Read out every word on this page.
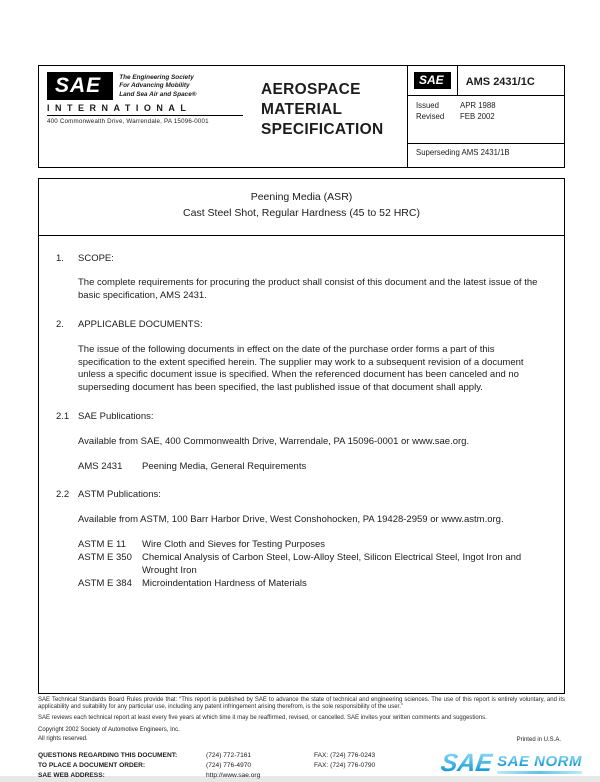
SAE	The Engineering Society
For Advancing Mobility
Land Sea Air and Space®
INTERNATIONAL
400 Commonwealth Drive, Warrendale, PA 15096-0001
AEROSPACE
MATERIAL
SPECIFICATION
SAE	AMS 2431/1C
Issued	APR 1988
Revised	FEB 2002
Superseding AMS 2431/1B
Peening Media (ASR)
Cast Steel Shot, Regular Hardness (45 to 52 HRC)
1.	SCOPE:

The complete requirements for procuring the product shall consist of this document and the latest issue of the basic specification, AMS 2431.

2.	APPLICABLE DOCUMENTS:

The issue of the following documents in effect on the date of the purchase order forms a part of this specification to the extent specified herein. The supplier may work to a subsequent revision of a document unless a specific document issue is specified. When the referenced document has been canceled and no superseding document has been specified, the last published issue of that document shall apply.

2.1 SAE Publications:

Available from SAE, 400 Commonwealth Drive, Warrendale, PA 15096-0001 or www.sae.org.

AMS 2431	Peening Media, General Requirements
2.2 ASTM Publications:

Available from ASTM, 100 Barr Harbor Drive, West Conshohocken, PA 19428-2959 or www.astm.org.

ASTM E 11	Wire Cloth and Sieves for Testing Purposes
ASTM E 350	Chemical Analysis of Carbon Steel, Low-Alloy Steel, Silicon Electrical Steel, Ingot Iron and Wrought Iron
ASTM E 384	Microindentation Hardness of Materials

SAE Technical Standards Board Rules provide that: “This report is published by SAE to advance the state of technical and engineering sciences. The use of this report is entirely voluntary, and its applicability and suitability for any particular use, including any patent infringement arising therefrom, is the sole responsibility of the user.”

SAE reviews each technical report at least every five years at which time it may be reaffirmed, revised, or cancelled. SAE invites your written comments and suggestions.

Copyright 2002 Society of Automotive Engineers, Inc.
All rights reserved.	Printed in U.S.A.
QUESTIONS REGARDING THIS DOCUMENT:	(724) 772-7161	FAX: (724) 776-0243
TO PLACE A DOCUMENT ORDER:	(724) 776-4970	FAX: (724) 776-0790
SAE WEB ADDRESS:	http://www.sae.org	SAE SAE NORM
